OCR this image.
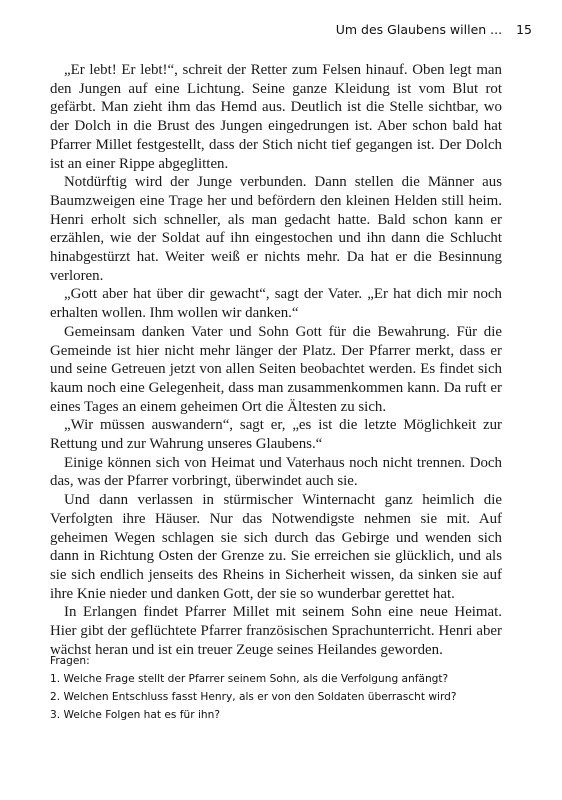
Um des Glaubens willen ... 15

„Er lebt! Er lebt!“, schreit der Retter zum Felsen hinauf. Oben legt man den Jungen auf eine Lichtung. Seine ganze Kleidung ist vom Blut rot gefärbt. Man zieht ihm das Hemd aus. Deutlich ist die Stelle sichtbar, wo der Dolch in die Brust des Jungen eingedrungen ist. Aber schon bald hat Pfarrer Millet festgestellt, dass der Stich nicht tief gegangen ist. Der Dolch ist an einer Rippe abgeglitten.

Notdürftig wird der Junge verbunden. Dann stellen die Männer aus Baumzweigen eine Trage her und befördern den kleinen Helden still heim. Henri erholt sich schneller, als man gedacht hatte. Bald schon kann er erzählen, wie der Soldat auf ihn eingestochen und ihn dann die Schlucht hinabgestürzt hat. Weiter weiß er nichts mehr. Da hat er die Besinnung verloren.

„Gott aber hat über dir gewacht“, sagt der Vater. „Er hat dich mir noch erhalten wollen. Ihm wollen wir danken.“

Gemeinsam danken Vater und Sohn Gott für die Bewahrung. Für die Gemeinde ist hier nicht mehr länger der Platz. Der Pfarrer merkt, dass er und seine Getreuen jetzt von allen Seiten beobachtet werden. Es findet sich kaum noch eine Gelegenheit, dass man zusammenkommen kann. Da ruft er eines Tages an einem geheimen Ort die Ältesten zu sich.

„Wir müssen auswandern“, sagt er, „es ist die letzte Möglichkeit zur Rettung und zur Wahrung unseres Glaubens.“

Einige können sich von Heimat und Vaterhaus noch nicht trennen. Doch das, was der Pfarrer vorbringt, überwindet auch sie.

Und dann verlassen in stürmischer Winternacht ganz heimlich die Verfolgten ihre Häuser. Nur das Notwendigste nehmen sie mit. Auf geheimen Wegen schlagen sie sich durch das Gebirge und wenden sich dann in Richtung Osten der Grenze zu. Sie erreichen sie glücklich, und als sie sich endlich jenseits des Rheins in Sicherheit wissen, da sinken sie auf ihre Knie nieder und danken Gott, der sie so wunderbar gerettet hat.

In Erlangen findet Pfarrer Millet mit seinem Sohn eine neue Heimat. Hier gibt der geflüchtete Pfarrer französischen Sprachunterricht. Henri aber wächst heran und ist ein treuer Zeuge seines Heilandes geworden.

Fragen:
1. Welche Frage stellt der Pfarrer seinem Sohn, als die Verfolgung anfängt?
2. Welchen Entschluss fasst Henry, als er von den Soldaten überrascht wird?
3. Welche Folgen hat es für ihn?
